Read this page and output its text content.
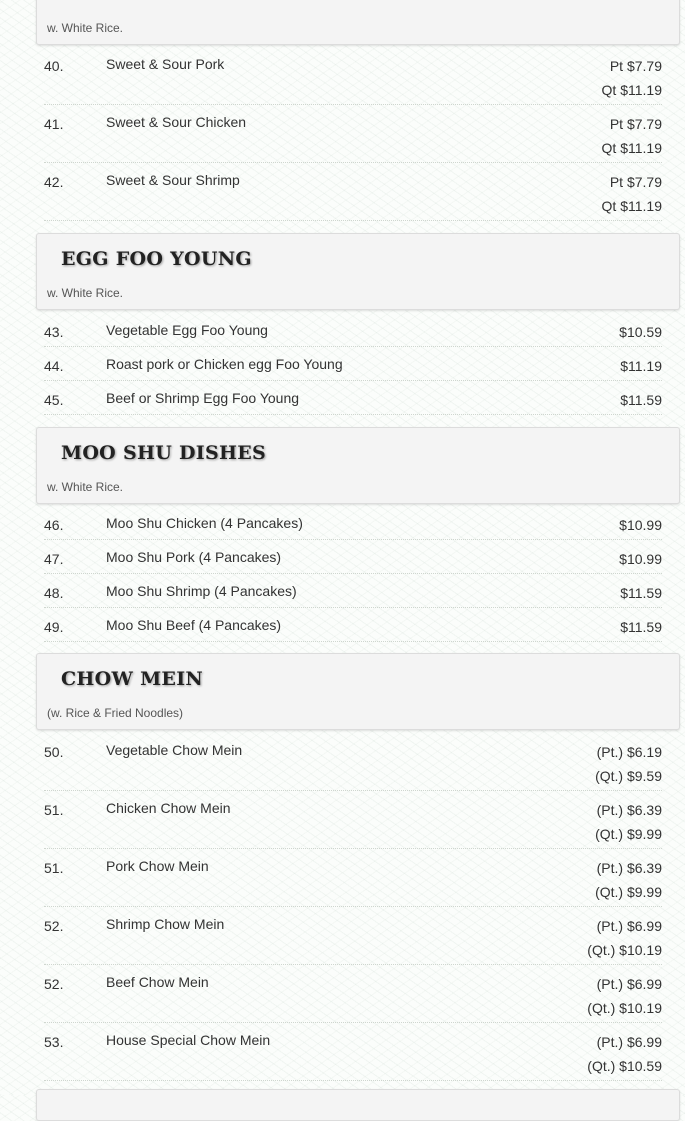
w. White Rice.
40.	Sweet & Sour Pork	Pt $7.79
Qt $11.19
41.	Sweet & Sour Chicken	Pt $7.79
Qt $11.19
42.	Sweet & Sour Shrimp	Pt $7.79
Qt $11.19
EGG FOO YOUNG
w. White Rice.
43.	Vegetable Egg Foo Young	$10.59
44.	Roast pork or Chicken egg Foo Young	$11.19
45.	Beef or Shrimp Egg Foo Young	$11.59
MOO SHU DISHES
w. White Rice.
46.	Moo Shu Chicken (4 Pancakes)	$10.99
47.	Moo Shu Pork (4 Pancakes)	$10.99
48.	Moo Shu Shrimp (4 Pancakes)	$11.59
49.	Moo Shu Beef (4 Pancakes)	$11.59
CHOW MEIN
(w. Rice & Fried Noodles)
50.	Vegetable Chow Mein	(Pt.) $6.19
(Qt.) $9.59
51.	Chicken Chow Mein	(Pt.) $6.39
(Qt.) $9.99
51.	Pork Chow Mein	(Pt.) $6.39
(Qt.) $9.99
52.	Shrimp Chow Mein	(Pt.) $6.99
(Qt.) $10.19
52.	Beef Chow Mein	(Pt.) $6.99
(Qt.) $10.19
53.	House Special Chow Mein	(Pt.) $6.99
(Qt.) $10.59
